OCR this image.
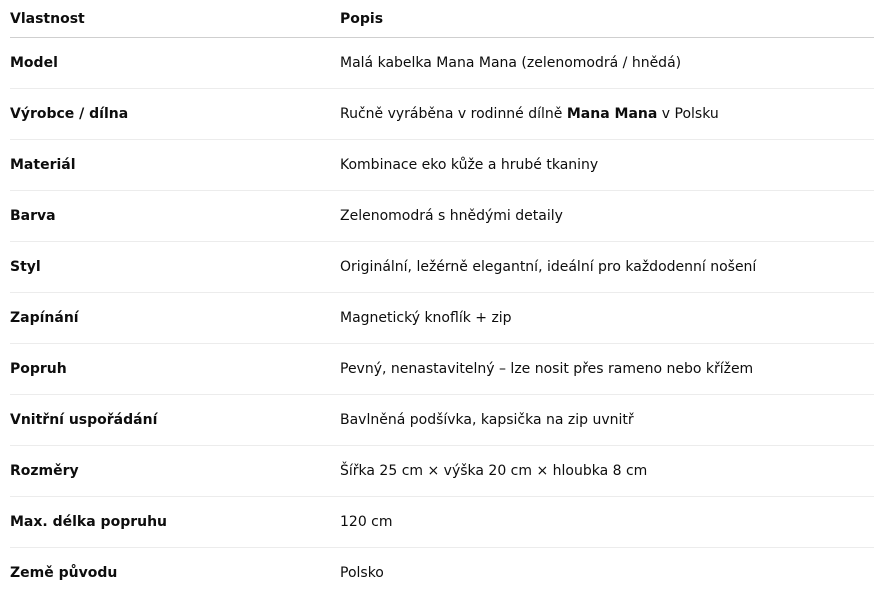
Vlastnost	Popis
Model	Malá kabelka Mana Mana (zelenomodrá / hnědá)
Výrobce / dílna	Ručně vyráběna v rodinné dílně Mana Mana v Polsku
Materiál	Kombinace eko kůže a hrubé tkaniny
Barva	Zelenomodrá s hnědými detaily
Styl	Originální, ležérně elegantní, ideální pro každodenní nošení
Zapínání	Magnetický knoflík + zip
Popruh	Pevný, nenastavitelný – lze nosit přes rameno nebo křížem
Vnitřní uspořádání	Bavlněná podšívka, kapsička na zip uvnitř
Rozměry	Šířka 25 cm × výška 20 cm × hloubka 8 cm
Max. délka popruhu	120 cm
Země původu	Polsko
